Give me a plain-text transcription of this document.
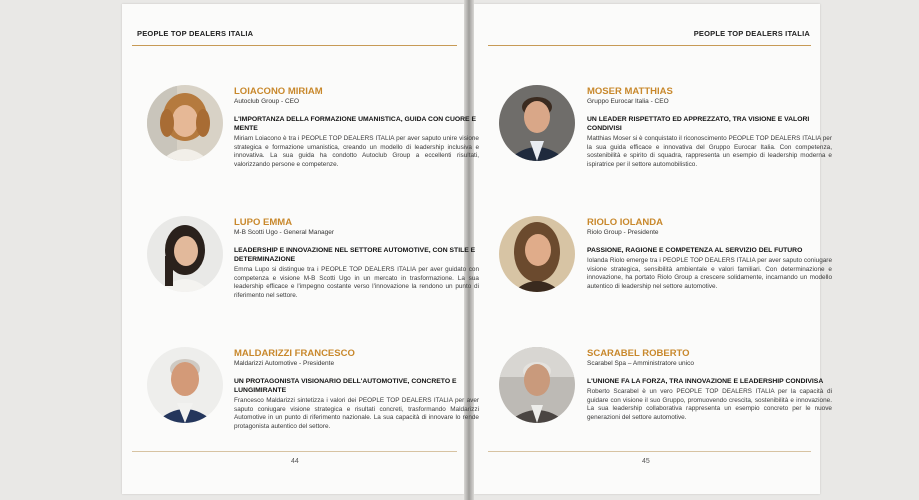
PEOPLE TOP DEALERS ITALIA	PEOPLE TOP DEALERS ITALIA
LOIACONO MIRIAM
Autoclub Group - CEO
L'IMPORTANZA DELLA FORMAZIONE UMANISTICA, GUIDA CON CUORE E MENTE
Miriam Loiacono è tra i PEOPLE TOP DEALERS ITALIA per aver saputo unire visione strategica e formazione umanistica, creando un modello di leadership inclusiva e innovativa. La sua guida ha condotto Autoclub Group a eccellenti risultati, valorizzando persone e competenze.
LUPO EMMA
M-B Scotti Ugo - General Manager
LEADERSHIP E INNOVAZIONE NEL SETTORE AUTOMOTIVE, CON STILE E DETERMINAZIONE
Emma Lupo si distingue tra i PEOPLE TOP DEALERS ITALIA per aver guidato con competenza e visione M-B Scotti Ugo in un mercato in trasformazione. La sua leadership efficace e l'impegno costante verso l'innovazione la rendono un punto di riferimento nel settore.
MALDARIZZI FRANCESCO
Maldarizzi Automotive - Presidente
UN PROTAGONISTA VISIONARIO DELL'AUTOMOTIVE, CONCRETO E LUNGIMIRANTE
Francesco Maldarizzi sintetizza i valori dei PEOPLE TOP DEALERS ITALIA per aver saputo coniugare visione strategica e risultati concreti, trasformando Maldarizzi Automotive in un punto di riferimento nazionale. La sua capacità di innovare lo rende protagonista autentico del settore.
MOSER MATTHIAS
Gruppo Eurocar Italia - CEO
UN LEADER RISPETTATO ED APPREZZATO, TRA VISIONE E VALORI CONDIVISI
Matthias Moser si è conquistato il riconoscimento PEOPLE TOP DEALERS ITALIA per la sua guida efficace e innovativa del Gruppo Eurocar Italia. Con competenza, sostenibilità e spirito di squadra, rappresenta un esempio di leadership moderna e ispiratrice per il settore automobilistico.
RIOLO IOLANDA
Riolo Group - Presidente
PASSIONE, RAGIONE E COMPETENZA AL SERVIZIO DEL FUTURO
Iolanda Riolo emerge tra i PEOPLE TOP DEALERS ITALIA per aver saputo coniugare visione strategica, sensibilità ambientale e valori familiari. Con determinazione e innovazione, ha portato Riolo Group a crescere solidamente, incarnando un modello autentico di leadership nel settore automotive.
SCARABEL ROBERTO
Scarabel Spa – Amministratore unico
L'UNIONE FA LA FORZA, TRA INNOVAZIONE E LEADERSHIP CONDIVISA
Roberto Scarabel è un vero PEOPLE TOP DEALERS ITALIA per la capacità di guidare con visione il suo Gruppo, promuovendo crescita, sostenibilità e innovazione. La sua leadership collaborativa rappresenta un esempio concreto per le nuove generazioni del settore automotive.
44	45
